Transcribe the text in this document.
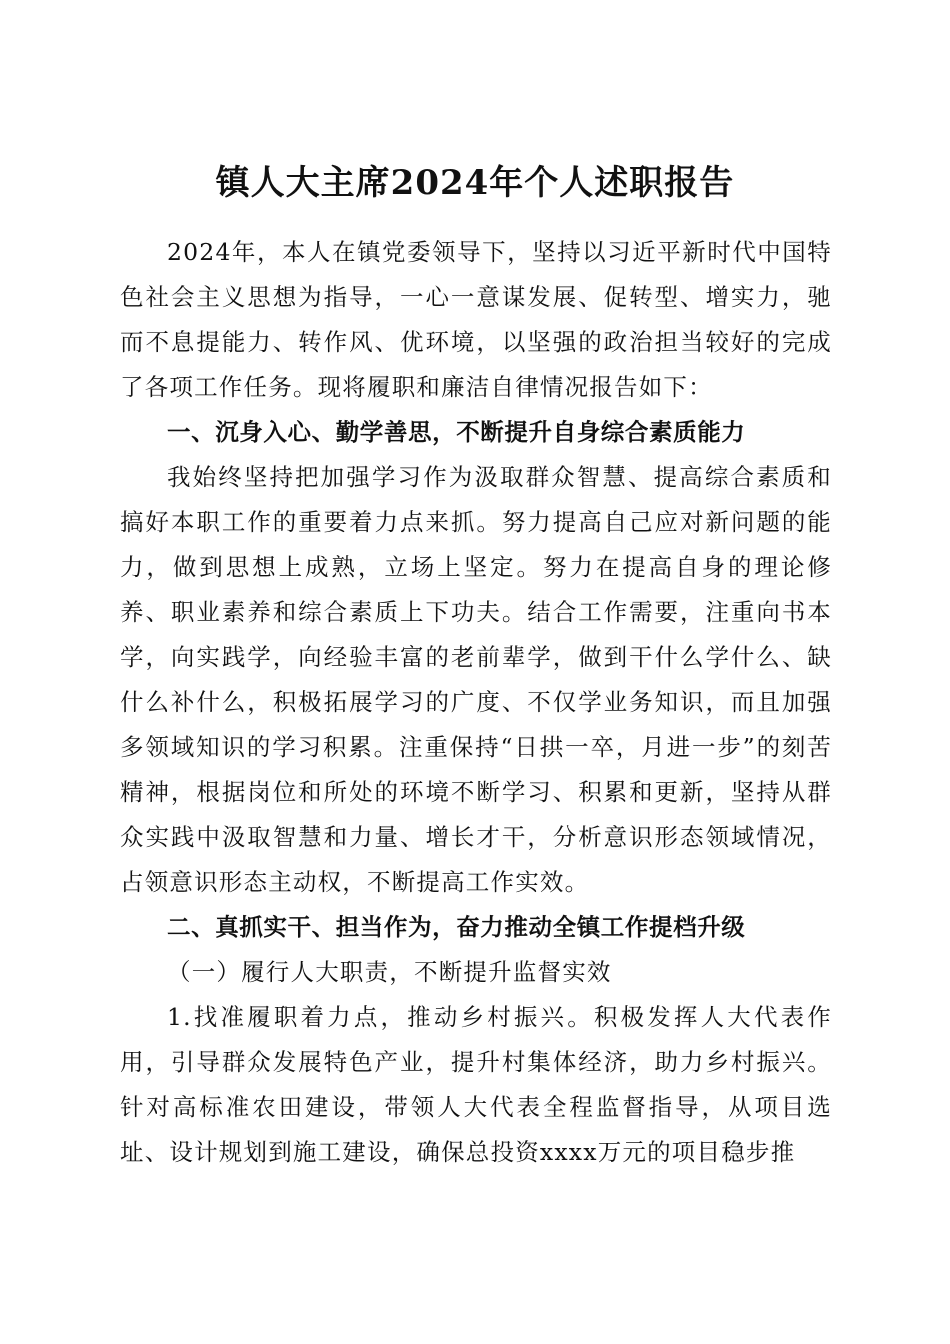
镇人大主席2024年个人述职报告

2024年，本人在镇党委领导下，坚持以习近平新时代中国特色社会主义思想为指导，一心一意谋发展、促转型、增实力，驰而不息提能力、转作风、优环境，以坚强的政治担当较好的完成了各项工作任务。现将履职和廉洁自律情况报告如下：

一、沉身入心、勤学善思，不断提升自身综合素质能力

我始终坚持把加强学习作为汲取群众智慧、提高综合素质和搞好本职工作的重要着力点来抓。努力提高自己应对新问题的能力，做到思想上成熟，立场上坚定。努力在提高自身的理论修养、职业素养和综合素质上下功夫。结合工作需要，注重向书本学，向实践学，向经验丰富的老前辈学，做到干什么学什么、缺什么补什么，积极拓展学习的广度、不仅学业务知识，而且加强多领域知识的学习积累。注重保持“日拱一卒，月进一步”的刻苦精神，根据岗位和所处的环境不断学习、积累和更新，坚持从群众实践中汲取智慧和力量、增长才干，分析意识形态领域情况，占领意识形态主动权，不断提高工作实效。

二、真抓实干、担当作为，奋力推动全镇工作提档升级

（一）履行人大职责，不断提升监督实效

1.找准履职着力点，推动乡村振兴。积极发挥人大代表作用，引导群众发展特色产业，提升村集体经济，助力乡村振兴。针对高标准农田建设，带领人大代表全程监督指导，从项目选址、设计规划到施工建设，确保总投资xxxx万元的项目稳步推
